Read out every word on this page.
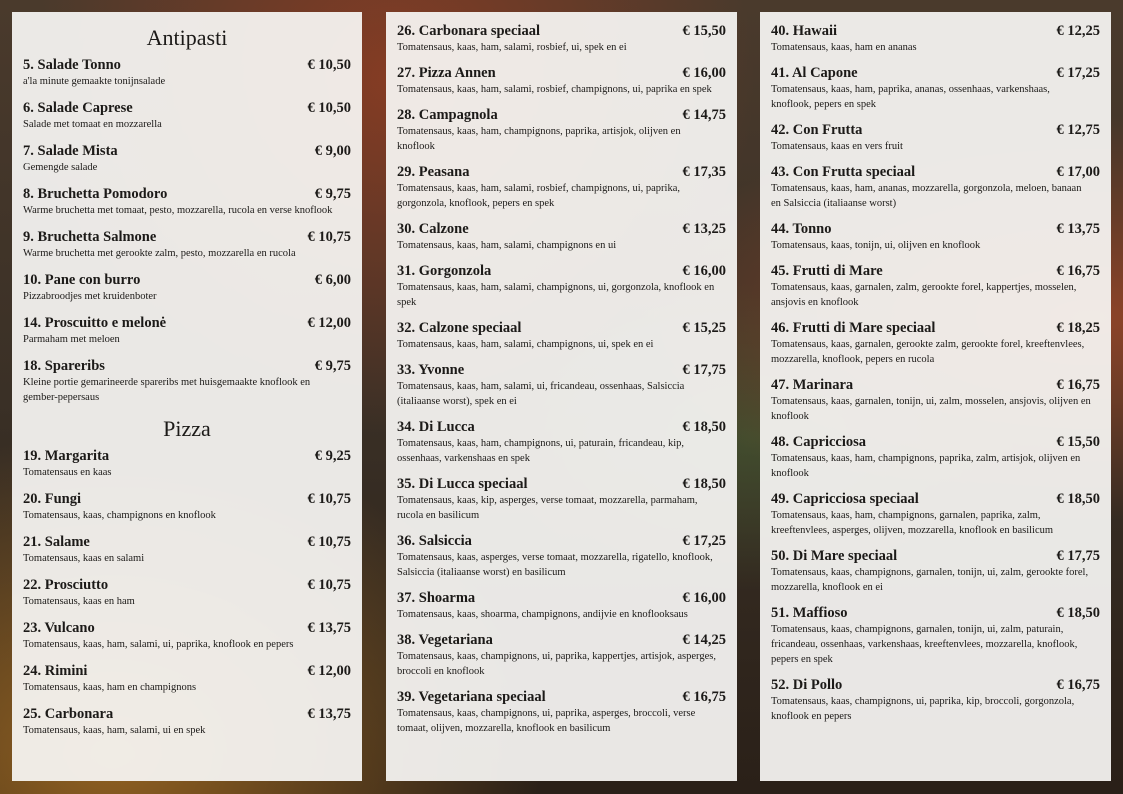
Antipasti
5. Salade Tonno	€ 10,50
a'la minute gemaakte tonijnsalade
6. Salade Caprese	€ 10,50
Salade met tomaat en mozzarella
7. Salade Mista	€ 9,00
Gemengde salade
8. Bruchetta Pomodoro	€ 9,75
Warme bruchetta met tomaat, pesto, mozzarella, rucola en verse knoflook
9. Bruchetta Salmone	€ 10,75
Warme bruchetta met gerookte zalm, pesto, mozzarella en rucola
10. Pane con burro	€ 6,00
Pizzabroodjes met kruidenboter
14. Proscuitto e melonė	€ 12,00
Parmaham met meloen
18. Spareribs	€ 9,75
Kleine portie gemarineerde spareribs met huisgemaakte knoflook en gember-pepersaus
Pizza
19. Margarita	€ 9,25
Tomatensaus en kaas
20. Fungi	€ 10,75
Tomatensaus, kaas, champignons en knoflook
21. Salame	€ 10,75
Tomatensaus, kaas en salami
22. Prosciutto	€ 10,75
Tomatensaus, kaas en ham
23. Vulcano	€ 13,75
Tomatensaus, kaas, ham, salami, ui, paprika, knoflook en pepers
24. Rimini	€ 12,00
Tomatensaus, kaas, ham en champignons
25. Carbonara	€ 13,75
Tomatensaus, kaas, ham, salami, ui en spek
26. Carbonara speciaal	€ 15,50
Tomatensaus, kaas, ham, salami, rosbief, ui, spek en ei
27. Pizza Annen	€ 16,00
Tomatensaus, kaas, ham, salami, rosbief, champignons, ui, paprika en spek
28. Campagnola	€ 14,75
Tomatensaus, kaas, ham, champignons, paprika, artisjok, olijven en knoflook
29. Peasana	€ 17,35
Tomatensaus, kaas, ham, salami, rosbief, champignons, ui, paprika, gorgonzola, knoflook, pepers en spek
30. Calzone	€ 13,25
Tomatensaus, kaas, ham, salami, champignons en ui
31. Gorgonzola	€ 16,00
Tomatensaus, kaas, ham, salami, champignons, ui, gorgonzola, knoflook en spek
32. Calzone speciaal	€ 15,25
Tomatensaus, kaas, ham, salami, champignons, ui, spek en ei
33. Yvonne	€ 17,75
Tomatensaus, kaas, ham, salami, ui, fricandeau, ossenhaas, Salsiccia (italiaanse worst), spek en ei
34. Di Lucca	€ 18,50
Tomatensaus, kaas, ham, champignons, ui, paturain, fricandeau, kip, ossenhaas, varkenshaas en spek
35. Di Lucca speciaal	€ 18,50
Tomatensaus, kaas, kip, asperges, verse tomaat, mozzarella, parmaham, rucola en basilicum
36. Salsiccia	€ 17,25
Tomatensaus, kaas, asperges, verse tomaat, mozzarella, rigatello, knoflook, Salsiccia (italiaanse worst) en basilicum
37. Shoarma	€ 16,00
Tomatensaus, kaas, shoarma, champignons, andijvie en knoflooksaus
38. Vegetariana	€ 14,25
Tomatensaus, kaas, champignons, ui, paprika, kappertjes, artisjok, asperges, broccoli en knoflook
39. Vegetariana speciaal	€ 16,75
Tomatensaus, kaas, champignons, ui, paprika, asperges, broccoli, verse tomaat, olijven, mozzarella, knoflook en basilicum
40. Hawaii	€ 12,25
Tomatensaus, kaas, ham en ananas
41. Al Capone	€ 17,25
Tomatensaus, kaas, ham, paprika, ananas, ossenhaas, varkenshaas, knoflook, pepers en spek
42. Con Frutta	€ 12,75
Tomatensaus, kaas en vers fruit
43. Con Frutta speciaal	€ 17,00
Tomatensaus, kaas, ham, ananas, mozzarella, gorgonzola, meloen, banaan en Salsiccia (italiaanse worst)
44. Tonno	€ 13,75
Tomatensaus, kaas, tonijn, ui, olijven en knoflook
45. Frutti di Mare	€ 16,75
Tomatensaus, kaas, garnalen, zalm, gerookte forel, kappertjes, mosselen, ansjovis en knoflook
46. Frutti di Mare speciaal	€ 18,25
Tomatensaus, kaas, garnalen, gerookte zalm, gerookte forel, kreeftenvlees, mozzarella, knoflook, pepers en rucola
47. Marinara	€ 16,75
Tomatensaus, kaas, garnalen, tonijn, ui, zalm, mosselen, ansjovis, olijven en knoflook
48. Capricciosa	€ 15,50
Tomatensaus, kaas, ham, champignons, paprika, zalm, artisjok, olijven en knoflook
49. Capricciosa speciaal	€ 18,50
Tomatensaus, kaas, ham, champignons, garnalen, paprika, zalm, kreeftenvlees, asperges, olijven, mozzarella, knoflook en basilicum
50. Di Mare speciaal	€ 17,75
Tomatensaus, kaas, champignons, garnalen, tonijn, ui, zalm, gerookte forel, mozzarella, knoflook en ei
51. Maffioso	€ 18,50
Tomatensaus, kaas, champignons, garnalen, tonijn, ui, zalm, paturain, fricandeau, ossenhaas, varkenshaas, kreeftenvlees, mozzarella, knoflook, pepers en spek
52. Di Pollo	€ 16,75
Tomatensaus, kaas, champignons, ui, paprika, kip, broccoli, gorgonzola, knoflook en pepers
